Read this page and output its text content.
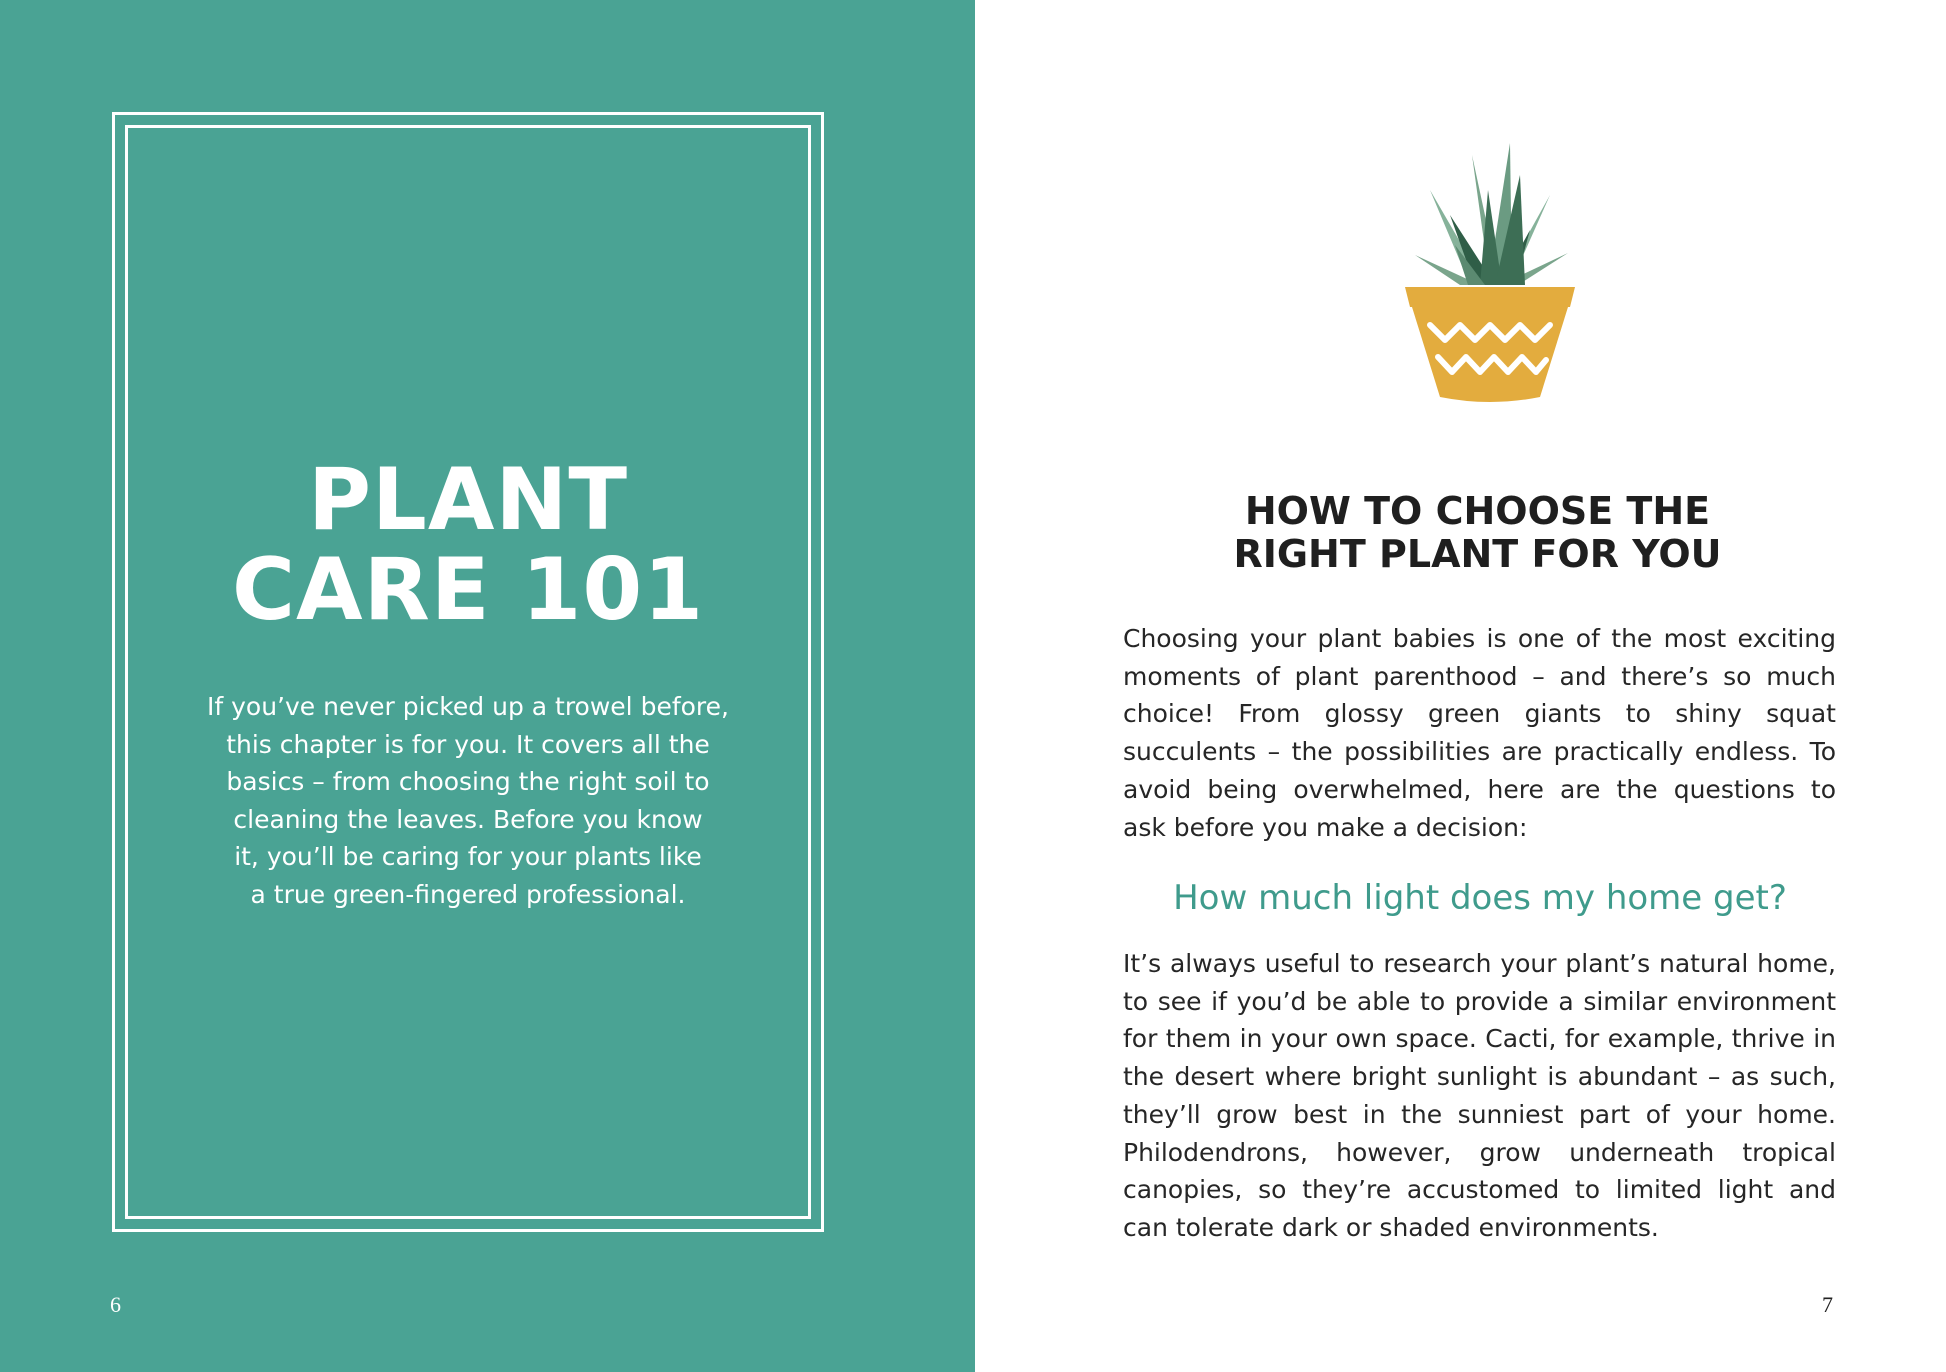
PLANT
CARE 101
If you’ve never picked up a trowel before,
this chapter is for you. It covers all the
basics – from choosing the right soil to
cleaning the leaves. Before you know
it, you’ll be caring for your plants like
a true green-fingered professional.
6
HOW TO CHOOSE THE
RIGHT PLANT FOR YOU
Choosing your plant babies is one of the most exciting
moments of plant parenthood – and there’s so much
choice! From glossy green giants to shiny squat
succulents – the possibilities are practically endless. To
avoid being overwhelmed, here are the questions to
ask before you make a decision:
How much light does my home get?
It’s always useful to research your plant’s natural home,
to see if you’d be able to provide a similar environment
for them in your own space. Cacti, for example, thrive in
the desert where bright sunlight is abundant – as such,
they’ll grow best in the sunniest part of your home.
Philodendrons, however, grow underneath tropical
canopies, so they’re accustomed to limited light and
can tolerate dark or shaded environments.
7
